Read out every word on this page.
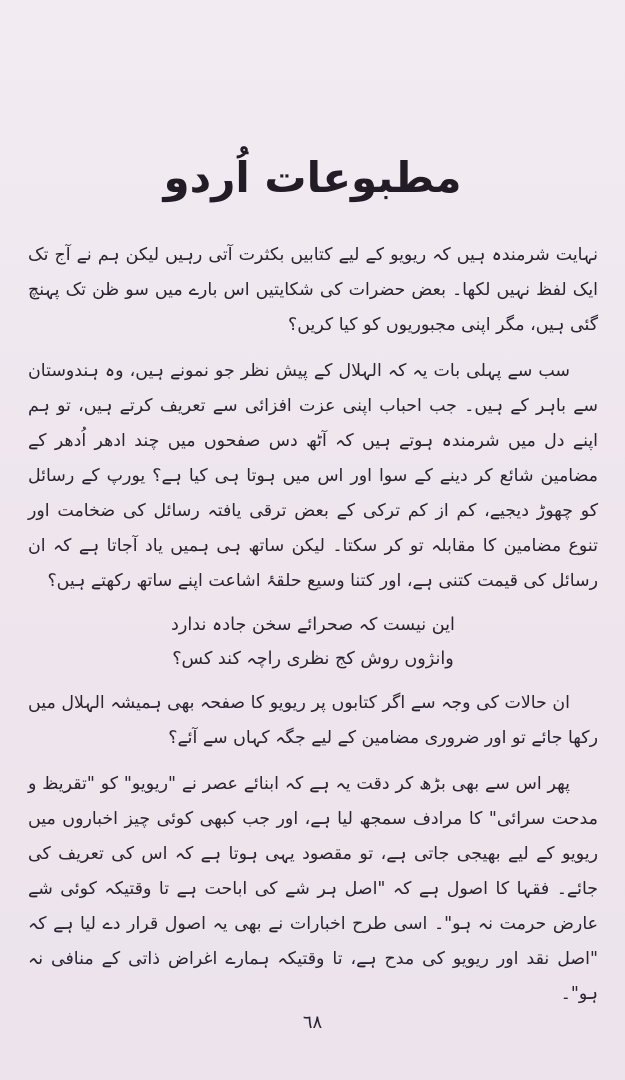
مطبوعات اُردو

نہایت شرمندہ ہیں کہ ریویو کے لیے کتابیں بکثرت آتی رہیں لیکن ہم نے آج تک ایک لفظ نہیں لکھا۔ بعض حضرات کی شکایتیں اس بارے میں سو ظن تک پہنچ گئی ہیں، مگر اپنی مجبوریوں کو کیا کریں؟

سب سے پہلی بات یہ کہ الہلال کے پیش نظر جو نمونے ہیں، وہ ہندوستان سے باہر کے ہیں۔ جب احباب اپنی عزت افزائی سے تعریف کرتے ہیں، تو ہم اپنے دل میں شرمندہ ہوتے ہیں کہ آٹھ دس صفحوں میں چند ادھر اُدھر کے مضامین شائع کر دینے کے سوا اور اس میں ہوتا ہی کیا ہے؟ یورپ کے رسائل کو چھوڑ دیجیے، کم از کم ترکی کے بعض ترقی یافتہ رسائل کی ضخامت اور تنوع مضامین کا مقابلہ تو کر سکتا۔ لیکن ساتھ ہی ہمیں یاد آجاتا ہے کہ ان رسائل کی قیمت کتنی ہے، اور کتنا وسیع حلقۂ اشاعت اپنے ساتھ رکھتے ہیں؟

این نیست کہ صحرائے سخن جادہ ندارد
وانژوں روش کج نظری راچہ کند کس؟

ان حالات کی وجہ سے اگر کتابوں پر ریویو کا صفحہ بھی ہمیشہ الہلال میں رکھا جائے تو اور ضروری مضامین کے لیے جگہ کہاں سے آئے؟

پھر اس سے بھی بڑھ کر دقت یہ ہے کہ ابنائے عصر نے "ریویو" کو "تقریظ و مدحت سرائی" کا مرادف سمجھ لیا ہے، اور جب کبھی کوئی چیز اخباروں میں ریویو کے لیے بھیجی جاتی ہے، تو مقصود یہی ہوتا ہے کہ اس کی تعریف کی جائے۔ فقہا کا اصول ہے کہ "اصل ہر شے کی اباحت ہے تا وقتیکہ کوئی شے عارض حرمت نہ ہو"۔ اسی طرح اخبارات نے بھی یہ اصول قرار دے لیا ہے کہ "اصل نقد اور ریویو کی مدح ہے، تا وقتیکہ ہمارے اغراض ذاتی کے منافی نہ ہو"۔

٦٨
